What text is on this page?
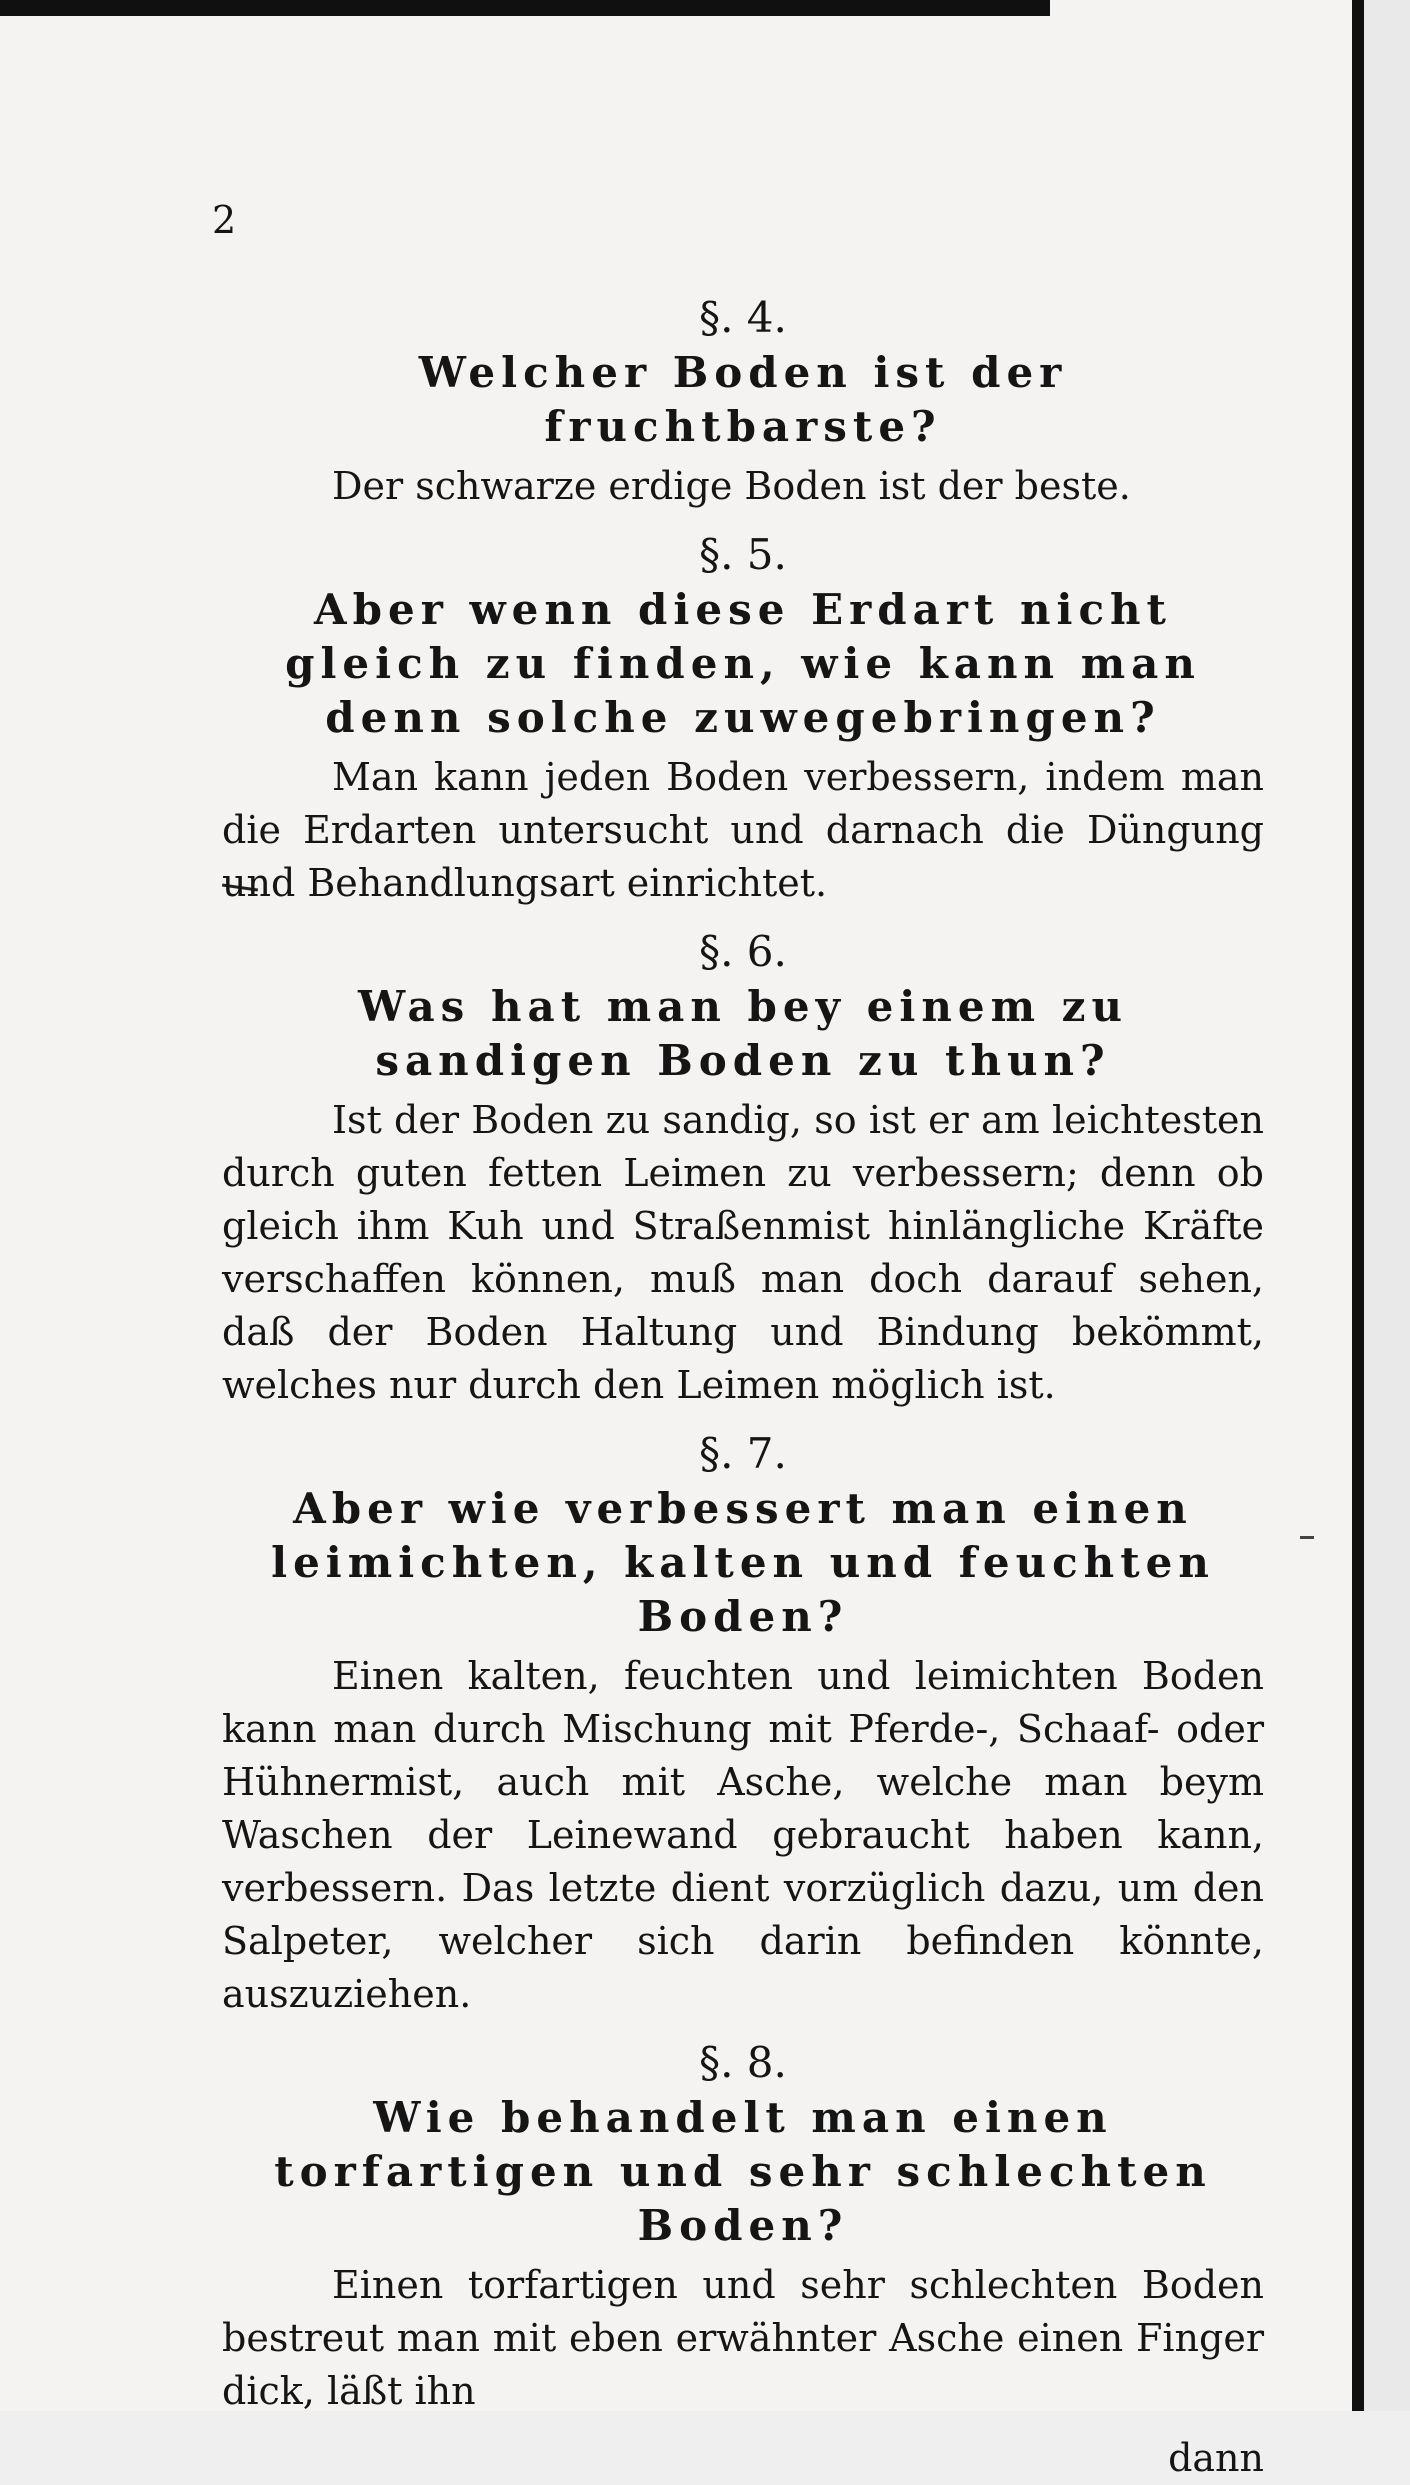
2

§. 4.

Welcher Boden ist der fruchtbarste?

Der schwarze erdige Boden ist der beste.

§. 5.

Aber wenn diese Erdart nicht gleich zu finden, wie kann man denn solche zuwegebringen?

Man kann jeden Boden verbessern, indem man die Erdarten untersucht und darnach die Düngung und Behandlungsart einrichtet.

§. 6.

Was hat man bey einem zu sandigen Boden zu thun?

Ist der Boden zu sandig, so ist er am leichtesten durch guten fetten Leimen zu verbessern; denn ob gleich ihm Kuh und Straßenmist hinlängliche Kräfte verschaffen können, muß man doch darauf sehen, daß der Boden Haltung und Bindung bekömmt, welches nur durch den Leimen möglich ist.

§. 7.

Aber wie verbessert man einen leimichten, kalten und feuchten Boden?

Einen kalten, feuchten und leimichten Boden kann man durch Mischung mit Pferde-, Schaaf- oder Hühnermist, auch mit Asche, welche man beym Waschen der Leinewand gebraucht haben kann, verbessern. Das letzte dient vorzüglich dazu, um den Salpeter, welcher sich darin befinden könnte, auszuziehen.

§. 8.

Wie behandelt man einen torfartigen und sehr schlechten Boden?

Einen torfartigen und sehr schlechten Boden bestreut man mit eben erwähnter Asche einen Finger dick, läßt ihn

dann
